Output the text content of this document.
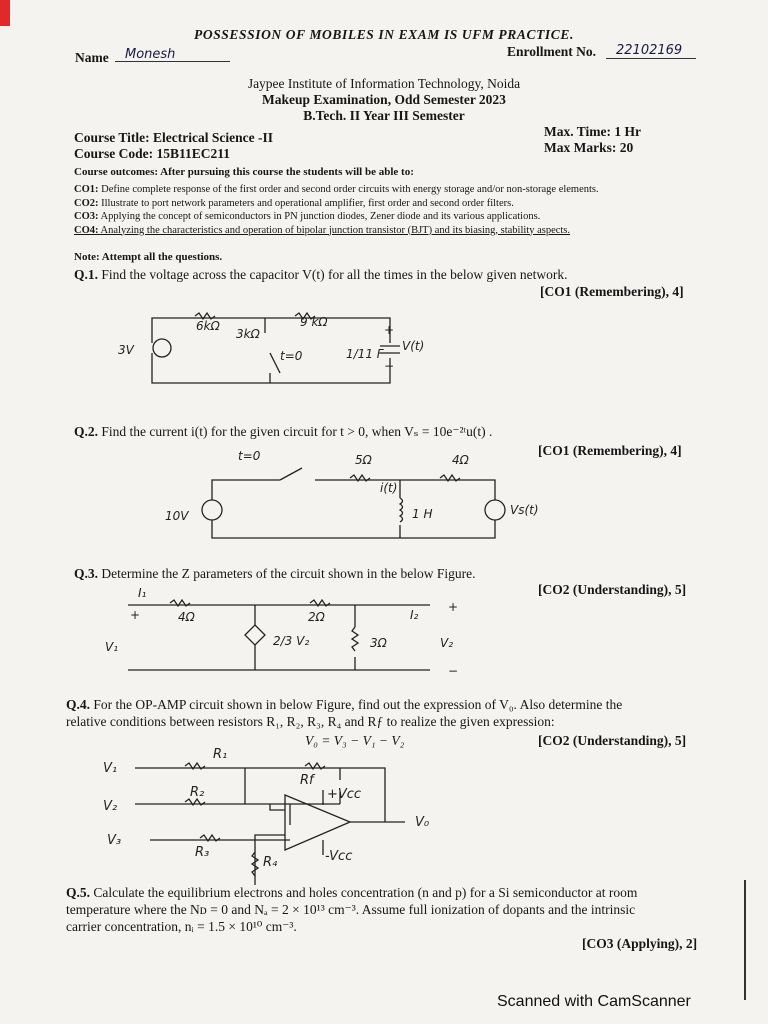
POSSESSION OF MOBILES IN EXAM IS UFM PRACTICE.
Name	Monesh	Enrollment No.	22102169
Jaypee Institute of Information Technology, Noida
Makeup Examination, Odd Semester 2023
B.Tech. II Year III Semester
Course Title: Electrical Science -II
Course Code: 15B11EC211
Max. Time: 1 Hr
Max Marks: 20
Course outcomes: After pursuing this course the students will be able to:
CO1: Define complete response of the first order and second order circuits with energy storage and/or non-storage elements.
CO2: Illustrate to port network parameters and operational amplifier, first order and second order filters.
CO3: Applying the concept of semiconductors in PN junction diodes, Zener diode and its various applications.
CO4: Analyzing the characteristics and operation of bipolar junction transistor (BJT) and its biasing, stability aspects.
Note: Attempt all the questions.
Q.1. Find the voltage across the capacitor V(t) for all the times in the below given network.
[CO1 (Remembering), 4]
3V
6kΩ
3kΩ
9 kΩ
t=0	1/11 F
+
−
V(t)
Q.2. Find the current i(t) for the given circuit for t > 0, when Vₛ = 10e⁻²ᵗu(t) .
[CO1 (Remembering), 4]
t=0
10V
5Ω	4Ω
i(t)
1 H	Vs(t)
Q.3. Determine the Z parameters of the circuit shown in the below Figure.
[CO2 (Understanding), 5]
I₁
+	4Ω	2Ω
2/3 V₂	3Ω
I₂
+
V₁	V₂
−
Q.4. For the OP-AMP circuit shown in below Figure, find out the expression of V₀. Also determine the
relative conditions between resistors R₁, R₂, R₃, R₄ and Rƒ to realize the given expression:
V₀ = V₃ − V₁ − V₂	[CO2 (Understanding), 5]
V₁
V₂
V₃
R₁
R₂
R₃
R₄
Rf
+Vcc
-Vcc
V₀
Q.5. Calculate the equilibrium electrons and holes concentration (n and p) for a Si semiconductor at room
temperature where the Nᴅ = 0 and Nₐ = 2 × 10¹³ cm⁻³. Assume full ionization of dopants and the intrinsic
carrier concentration, nᵢ = 1.5 × 10¹⁰ cm⁻³.
[CO3 (Applying), 2]
Scanned with CamScanner
